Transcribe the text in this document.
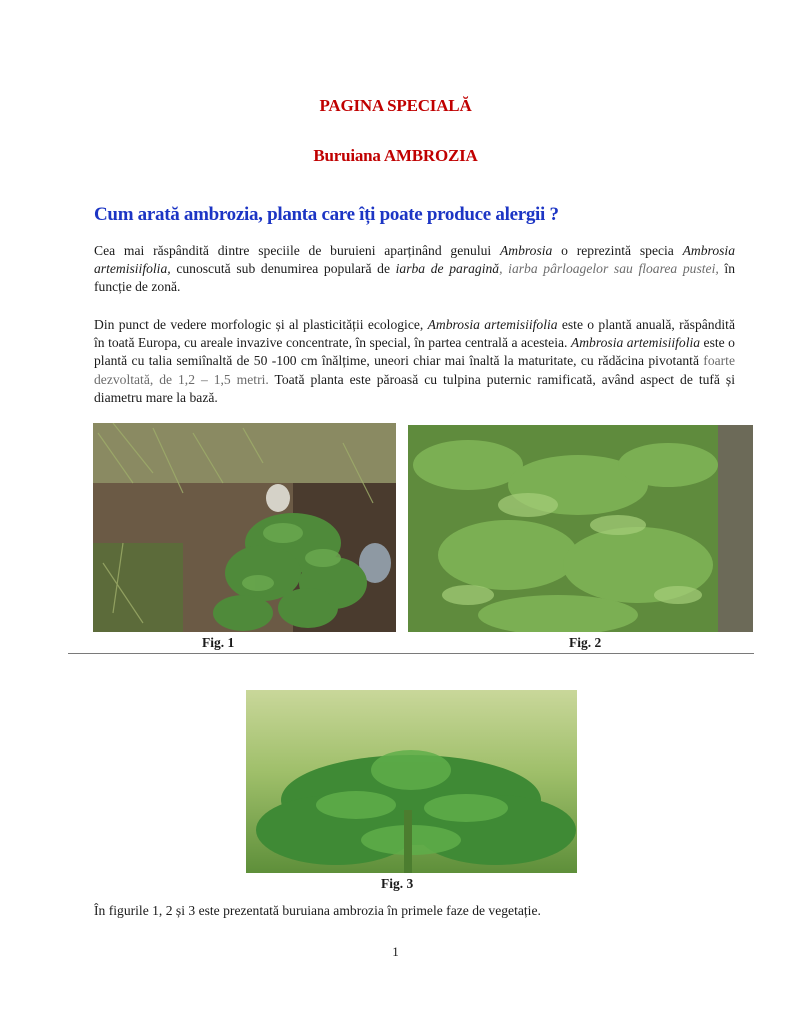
PAGINA SPECIALĂ
Buruiana AMBROZIA
Cum arată ambrozia, planta care îți poate produce alergii ?

Cea mai răspândită dintre speciile de buruieni aparținând genului Ambrosia o reprezintă specia Ambrosia artemisiifolia, cunoscută sub denumirea populară de iarba de paragină, iarba pârloagelor sau floarea pustei, în funcție de zonă.

Din punct de vedere morfologic și al plasticității ecologice, Ambrosia artemisiifolia este o plantă anuală, răspândită în toată Europa, cu areale invazive concentrate, în special, în partea centrală a acesteia. Ambrosia artemisiifolia este o plantă cu talia semiînaltă de 50 -100 cm înălțime, uneori chiar mai înaltă la maturitate, cu rădăcina pivotantă foarte dezvoltată, de 1,2 – 1,5 metri. Toată planta este păroasă cu tulpina puternic ramificată, având aspect de tufă și diametru mare la bază.

Fig. 1	Fig. 2
Fig. 3

În figurile 1, 2 și 3 este prezentată buruiana ambrozia în primele faze de vegetație.

1
